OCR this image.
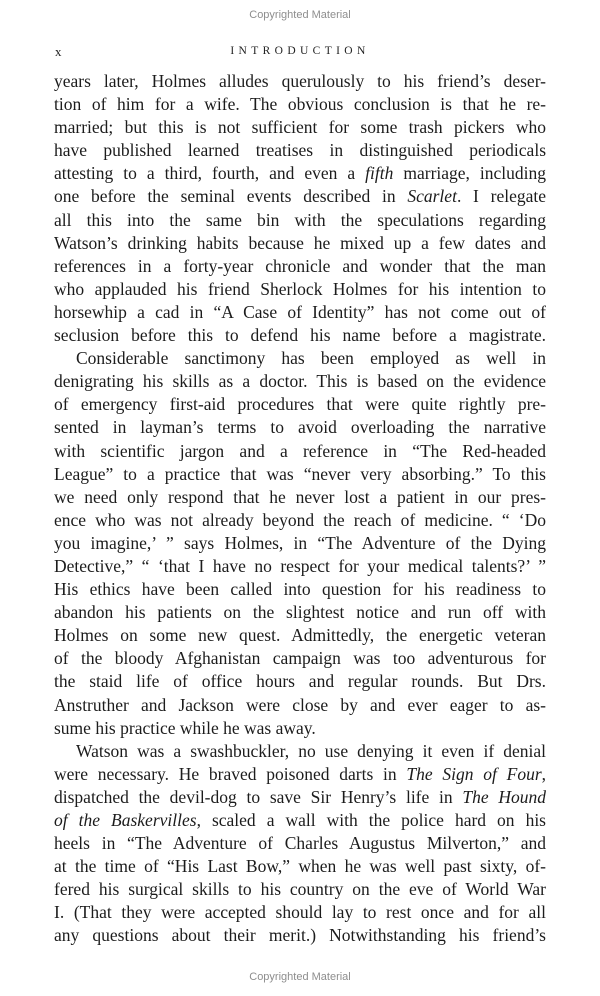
Copyrighted Material
x	INTRODUCTION
years later, Holmes alludes querulously to his friend’s deser-
tion of him for a wife. The obvious conclusion is that he re-
married; but this is not sufficient for some trash pickers who
have published learned treatises in distinguished periodicals
attesting to a third, fourth, and even a fifth marriage, including
one before the seminal events described in Scarlet. I relegate
all this into the same bin with the speculations regarding
Watson’s drinking habits because he mixed up a few dates and
references in a forty-year chronicle and wonder that the man
who applauded his friend Sherlock Holmes for his intention to
horsewhip a cad in “A Case of Identity” has not come out of
seclusion before this to defend his name before a magistrate.
Considerable sanctimony has been employed as well in
denigrating his skills as a doctor. This is based on the evidence
of emergency first-aid procedures that were quite rightly pre-
sented in layman’s terms to avoid overloading the narrative
with scientific jargon and a reference in “The Red-headed
League” to a practice that was “never very absorbing.” To this
we need only respond that he never lost a patient in our pres-
ence who was not already beyond the reach of medicine. “ ‘Do
you imagine,’ ” says Holmes, in “The Adventure of the Dying
Detective,” “ ‘that I have no respect for your medical talents?’ ”
His ethics have been called into question for his readiness to
abandon his patients on the slightest notice and run off with
Holmes on some new quest. Admittedly, the energetic veteran
of the bloody Afghanistan campaign was too adventurous for
the staid life of office hours and regular rounds. But Drs.
Anstruther and Jackson were close by and ever eager to as-
sume his practice while he was away.
Watson was a swashbuckler, no use denying it even if denial
were necessary. He braved poisoned darts in The Sign of Four,
dispatched the devil-dog to save Sir Henry’s life in The Hound
of the Baskervilles, scaled a wall with the police hard on his
heels in “The Adventure of Charles Augustus Milverton,” and
at the time of “His Last Bow,” when he was well past sixty, of-
fered his surgical skills to his country on the eve of World War
I. (That they were accepted should lay to rest once and for all
any questions about their merit.) Notwithstanding his friend’s
Copyrighted Material
